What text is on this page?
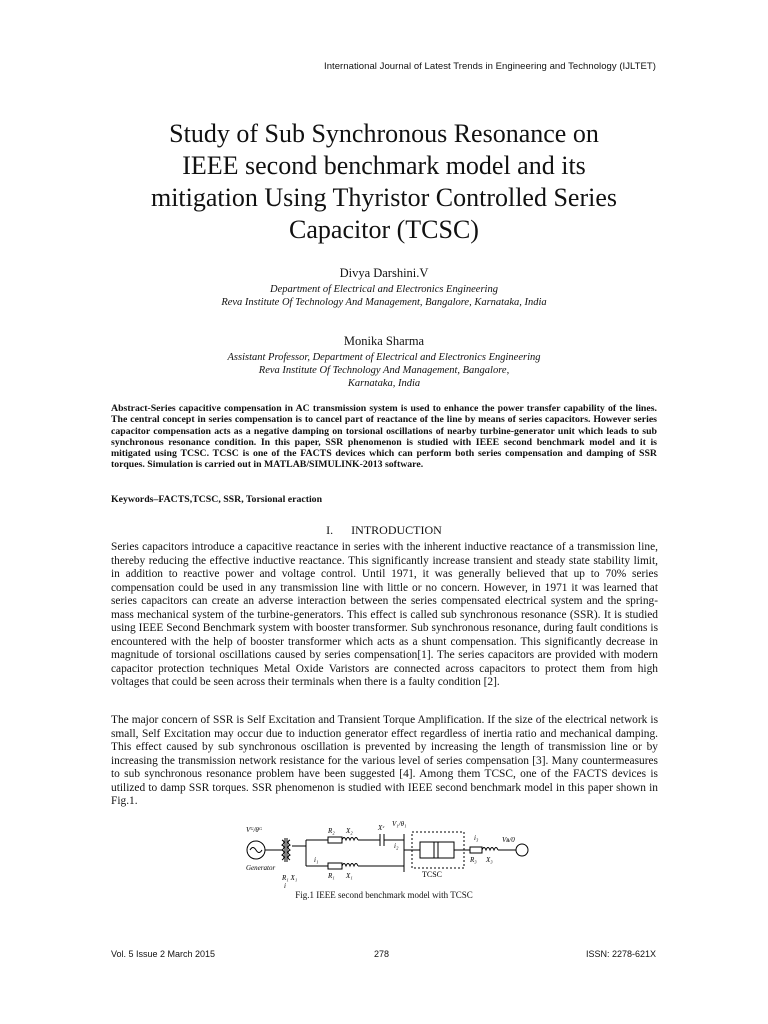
International Journal of Latest Trends in Engineering and Technology (IJLTET)
Study of Sub Synchronous Resonance on
IEEE second benchmark model and its
mitigation Using Thyristor Controlled Series
Capacitor (TCSC)
Divya Darshini.V
Department of Electrical and Electronics Engineering
Reva Institute Of Technology And Management, Bangalore, Karnataka, India
Monika Sharma
Assistant Professor, Department of Electrical and Electronics Engineering
Reva Institute Of Technology And Management, Bangalore,
Karnataka, India
Abstract-Series capacitive compensation in AC transmission system is used to enhance the power transfer capability of the lines. The central concept in series compensation is to cancel part of reactance of the line by means of series capacitors. However series capacitor compensation acts as a negative damping on torsional oscillations of nearby turbine-generator unit which leads to sub synchronous resonance condition. In this paper, SSR phenomenon is studied with IEEE second benchmark model and it is mitigated using TCSC. TCSC is one of the FACTS devices which can perform both series compensation and damping of SSR torques. Simulation is carried out in MATLAB/SIMULINK-2013 software.
Keywords–FACTS,TCSC, SSR, Torsional eraction
I. INTRODUCTION
Series capacitors introduce a capacitive reactance in series with the inherent inductive reactance of a transmission line, thereby reducing the effective inductive reactance. This significantly increase transient and steady state stability limit, in addition to reactive power and voltage control. Until 1971, it was generally believed that up to 70% series compensation could be used in any transmission line with little or no concern. However, in 1971 it was learned that series capacitors can create an adverse interaction between the series compensated electrical system and the spring-mass mechanical system of the turbine-generators. This effect is called sub synchronous resonance (SSR). It is studied using IEEE Second Benchmark system with booster transformer. Sub synchronous resonance, during fault conditions is encountered with the help of booster transformer which acts as a shunt compensation. This significantly decrease in magnitude of torsional oscillations caused by series compensation[1]. The series capacitors are provided with modern capacitor protection techniques Metal Oxide Varistors are connected across capacitors to protect them from high voltages that could be seen across their terminals when there is a faulty condition [2].
The major concern of SSR is Self Excitation and Transient Torque Amplification. If the size of the electrical network is small, Self Excitation may occur due to induction generator effect regardless of inertia ratio and mechanical damping. This effect caused by sub synchronous oscillation is prevented by increasing the length of transmission line or by increasing the transmission network resistance for the various level of series compensation [3]. Many countermeasures to sub synchronous resonance problem have been suggested [4]. Among them TCSC, one of the FACTS devices is utilized to damp SSR torques. SSR phenomenon is studied with IEEE second benchmark model in this paper shown in Fig.1.
Generator
R₁ X₁
i
R₂ X₂	Xᶜ
R₁ X₁
i₁
V₁/θ₁
Vᴳ/θᴳ
R₃ X₃
i₃	Vʙ/0
i₂
TCSC
Fig.1 IEEE second benchmark model with TCSC
Vol. 5 Issue 2 March 2015	278	ISSN: 2278-621X
